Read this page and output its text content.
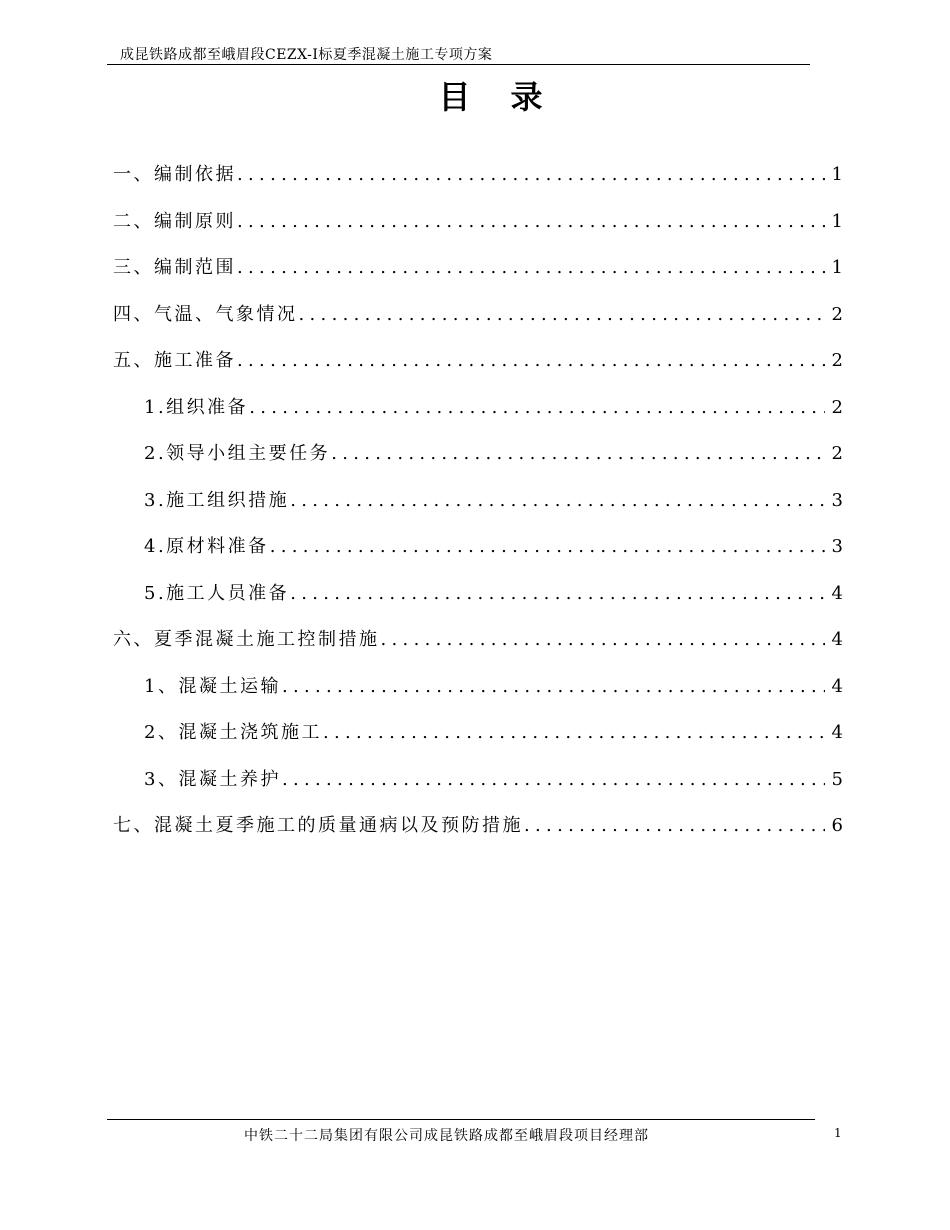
成昆铁路成都至峨眉段CEZX-I标夏季混凝土施工专项方案
目录
一、编制依据 .....	1
二、编制原则 .....	1
三、编制范围 .....	1
四、气温、气象情况 .....	2
五、施工准备 .....	2
1.组织准备 .....	2
2.领导小组主要任务 .....	2
3.施工组织措施 .....	3
4.原材料准备 .....	3
5.施工人员准备 .....	4
六、夏季混凝土施工控制措施 .....	4
1、混凝土运输 .....	4
2、混凝土浇筑施工 .....	4
3、混凝土养护 .....	5
七、混凝土夏季施工的质量通病以及预防措施 .....	6
中铁二十二局集团有限公司成昆铁路成都至峨眉段项目经理部	1
